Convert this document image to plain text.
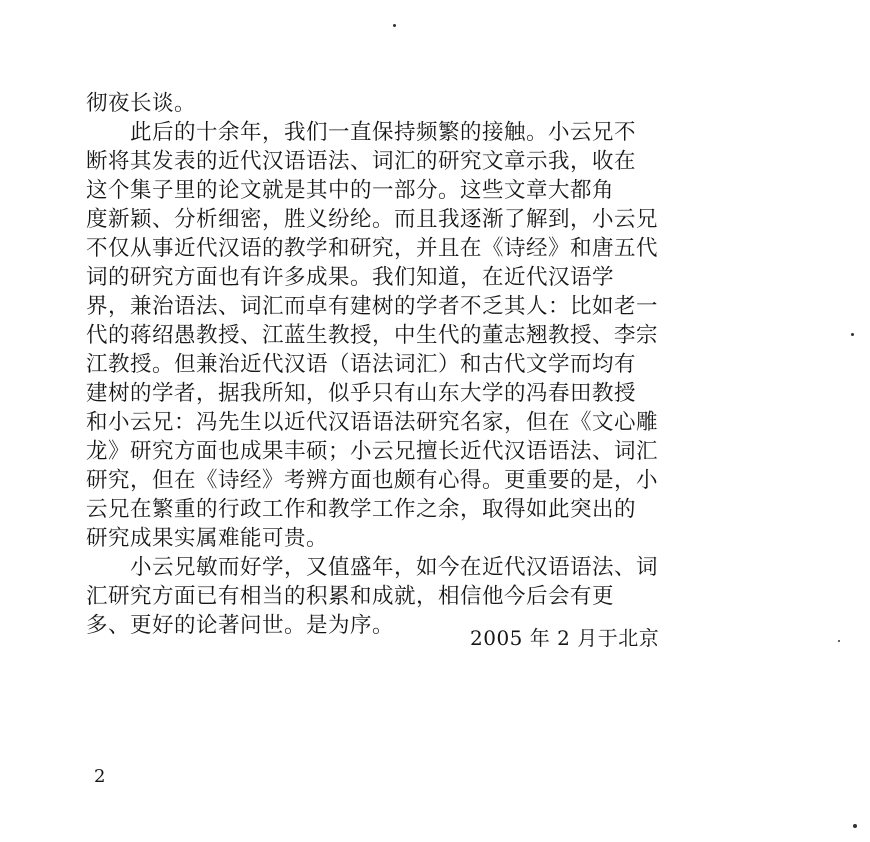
彻夜长谈。
　　此后的十余年，我们一直保持频繁的接触。小云兄不
断将其发表的近代汉语语法、词汇的研究文章示我，收在
这个集子里的论文就是其中的一部分。这些文章大都角
度新颖、分析细密，胜义纷纶。而且我逐渐了解到，小云兄
不仅从事近代汉语的教学和研究，并且在《诗经》和唐五代
词的研究方面也有许多成果。我们知道，在近代汉语学
界，兼治语法、词汇而卓有建树的学者不乏其人：比如老一
代的蒋绍愚教授、江蓝生教授，中生代的董志翘教授、李宗
江教授。但兼治近代汉语（语法词汇）和古代文学而均有
建树的学者，据我所知，似乎只有山东大学的冯春田教授
和小云兄：冯先生以近代汉语语法研究名家，但在《文心雕
龙》研究方面也成果丰硕；小云兄擅长近代汉语语法、词汇
研究，但在《诗经》考辨方面也颇有心得。更重要的是，小
云兄在繁重的行政工作和教学工作之余，取得如此突出的
研究成果实属难能可贵。
　　小云兄敏而好学，又值盛年，如今在近代汉语语法、词
汇研究方面已有相当的积累和成就，相信他今后会有更
多、更好的论著问世。是为序。	2005 年 2 月于北京
2
